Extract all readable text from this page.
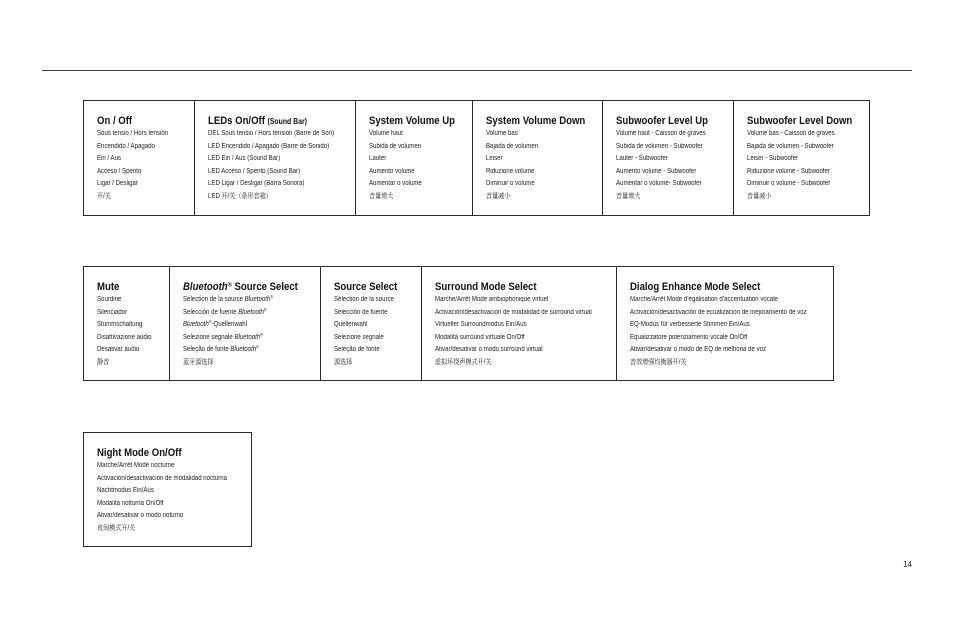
14
On / Off
Sous tensio / Hors tension
Encendido / Apagado
Ein / Aus
Acceso / Spento
Ligar / Desligar
开/关
LEDs On/Off (Sound Bar)
DEL Sous tensio / Hors tension (Barre de Son)
LED Encendido / Apagado (Barre de Sonido)
LED Ein / Aus (Sound Bar)
LED Acceso / Spento (Sound Bar)
LED Ligar / Desligar (Barra Sonora)
LED 开/关（条形音箱）
System Volume Up
Volume haut
Subida de volumen
Lauter
Aumento volume
Aumentar o volume
音量增大
System Volume Down
Volume bas
Bajada de volumen
Leiser
Riduzione volume
Diminuir o volume
音量减小
Subwoofer Level Up
Volume haut - Caisson de graves
Subida de volumen - Subwoofer
Lauter - Subwoofer
Aumento volume - Subwoofer
Aumentar o volume- Subwoofer
音量增大
Subwoofer Level Down
Volume bas - Caisson de graves
Bajada de volumen - Subwoofer
Leiser - Subwoofer
Riduzione volume - Subwoofer
Diminuir o volume - Subwoofer
音量减小
Mute
Sourdine
Silenciador
Stummschaltung
Disattivazione audio
Desativar áudio
静音
Bluetooth® Source Select
Sélection de la source Bluetooth®
Selección de fuente Bluetooth®
Bluetooth®-Quellenwahl
Selezione segnale Bluetooth®
Seleção de fonte Bluetooth®
蓝牙源选择
Source Select
Sélection de la source
Selección de fuente
Quellenwahl
Selezione segnale
Seleção de fonte
源选择
Surround Mode Select
Marche/Arrêt Mode ambiophonique virtuel
Activación/desactivación de modalidad de surround virtual
Virtueller Surroundmodus Ein/Aus
Modalità surround virtuale On/Off
Ativar/desativar o modo surround virtual
虚拟环绕声模式开/关
Dialog Enhance Mode Select
Marche/Arrêt Mode d’égalisation d’accentuation vocale
Activación/desactivación de ecualización de mejoramiento de voz
EQ-Modus für verbesserte Stimmen Ein/Aus
Equalizzatore potenziamento vocale On/Off
Ativar/desativar o modo de EQ de melhoria de voz
音效增强均衡器开/关
Night Mode On/Off
Marche/Arrêt Mode nocturne
Activación/desactivación de modalidad nocturna
Nachtmodus Ein/Aus
Modalità notturna On/Off
Ativar/desativar o modo noturno
夜间模式开/关
